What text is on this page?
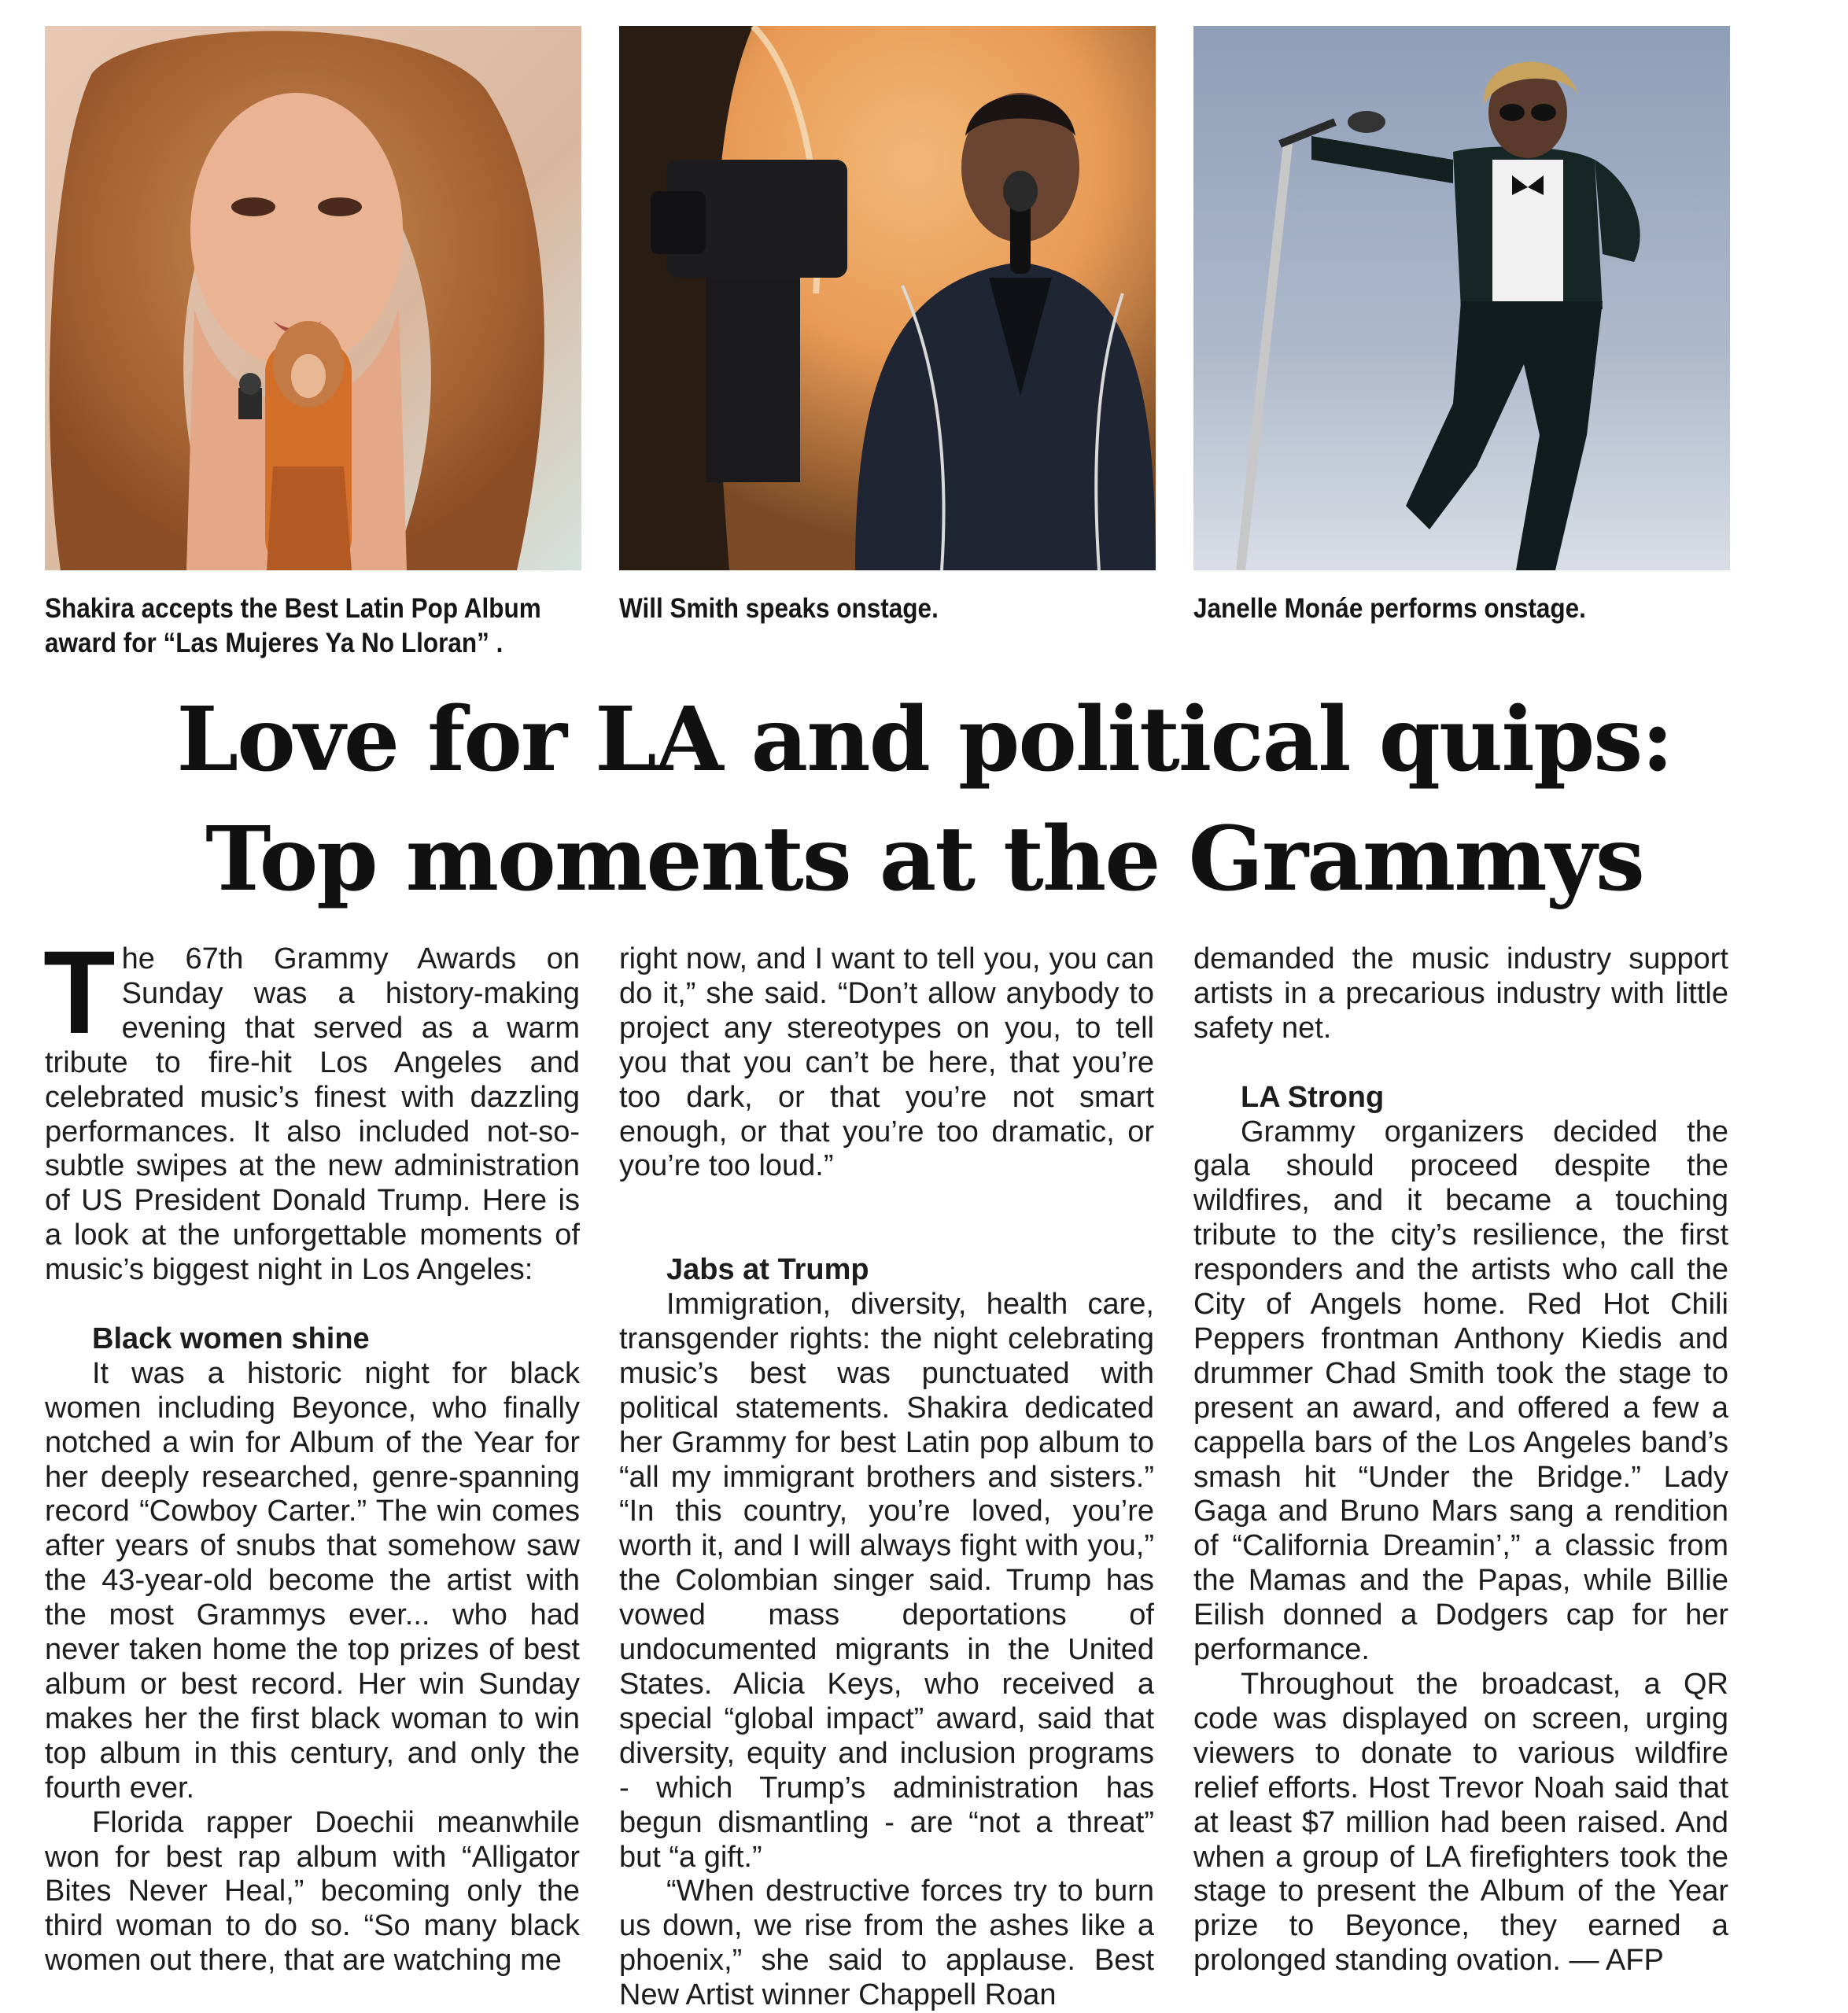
Shakira accepts the Best Latin Pop Album award for “Las Mujeres Ya No Lloran” .
Will Smith speaks onstage.	Janelle Monáe performs onstage.
Love for LA and political quips:
Top moments at the Grammys

The 67th Grammy Awards on Sunday was a history-making evening that served as a warm tribute to fire-hit Los Angeles and celebrated music’s finest with dazzling performances. It also included not-so-subtle swipes at the new administration of US President Donald Trump. Here is a look at the unforgettable moments of music’s biggest night in Los Angeles:

Black women shine

It was a historic night for black women including Beyonce, who finally notched a win for Album of the Year for her deeply researched, genre-spanning record “Cowboy Carter.” The win comes after years of snubs that somehow saw the 43-year-old become the artist with the most Grammys ever... who had never taken home the top prizes of best album or best record. Her win Sunday makes her the first black woman to win top album in this century, and only the fourth ever.

Florida rapper Doechii meanwhile won for best rap album with “Alligator Bites Never Heal,” becoming only the third woman to do so. “So many black women out there, that are watching me

right now, and I want to tell you, you can do it,” she said. “Don’t allow anybody to project any stereotypes on you, to tell you that you can’t be here, that you’re too dark, or that you’re not smart enough, or that you’re too dramatic, or you’re too loud.”

Jabs at Trump

Immigration, diversity, health care, transgender rights: the night celebrating music’s best was punctuated with political statements. Shakira dedicated her Grammy for best Latin pop album to “all my immigrant brothers and sisters.” “In this country, you’re loved, you’re worth it, and I will always fight with you,” the Colombian singer said. Trump has vowed mass deportations of undocumented migrants in the United States. Alicia Keys, who received a special “global impact” award, said that diversity, equity and inclusion programs - which Trump’s administration has begun dismantling - are “not a threat” but “a gift.”

“When destructive forces try to burn us down, we rise from the ashes like a phoenix,” she said to applause. Best New Artist winner Chappell Roan

demanded the music industry support artists in a precarious industry with little safety net.

LA Strong

Grammy organizers decided the gala should proceed despite the wildfires, and it became a touching tribute to the city’s resilience, the first responders and the artists who call the City of Angels home. Red Hot Chili Peppers frontman Anthony Kiedis and drummer Chad Smith took the stage to present an award, and offered a few a cappella bars of the Los Angeles band’s smash hit “Under the Bridge.” Lady Gaga and Bruno Mars sang a rendition of “California Dreamin’,” a classic from the Mamas and the Papas, while Billie Eilish donned a Dodgers cap for her performance.

Throughout the broadcast, a QR code was displayed on screen, urging viewers to donate to various wildfire relief efforts. Host Trevor Noah said that at least $7 million had been raised. And when a group of LA firefighters took the stage to present the Album of the Year prize to Beyonce, they earned a prolonged standing ovation. — AFP
